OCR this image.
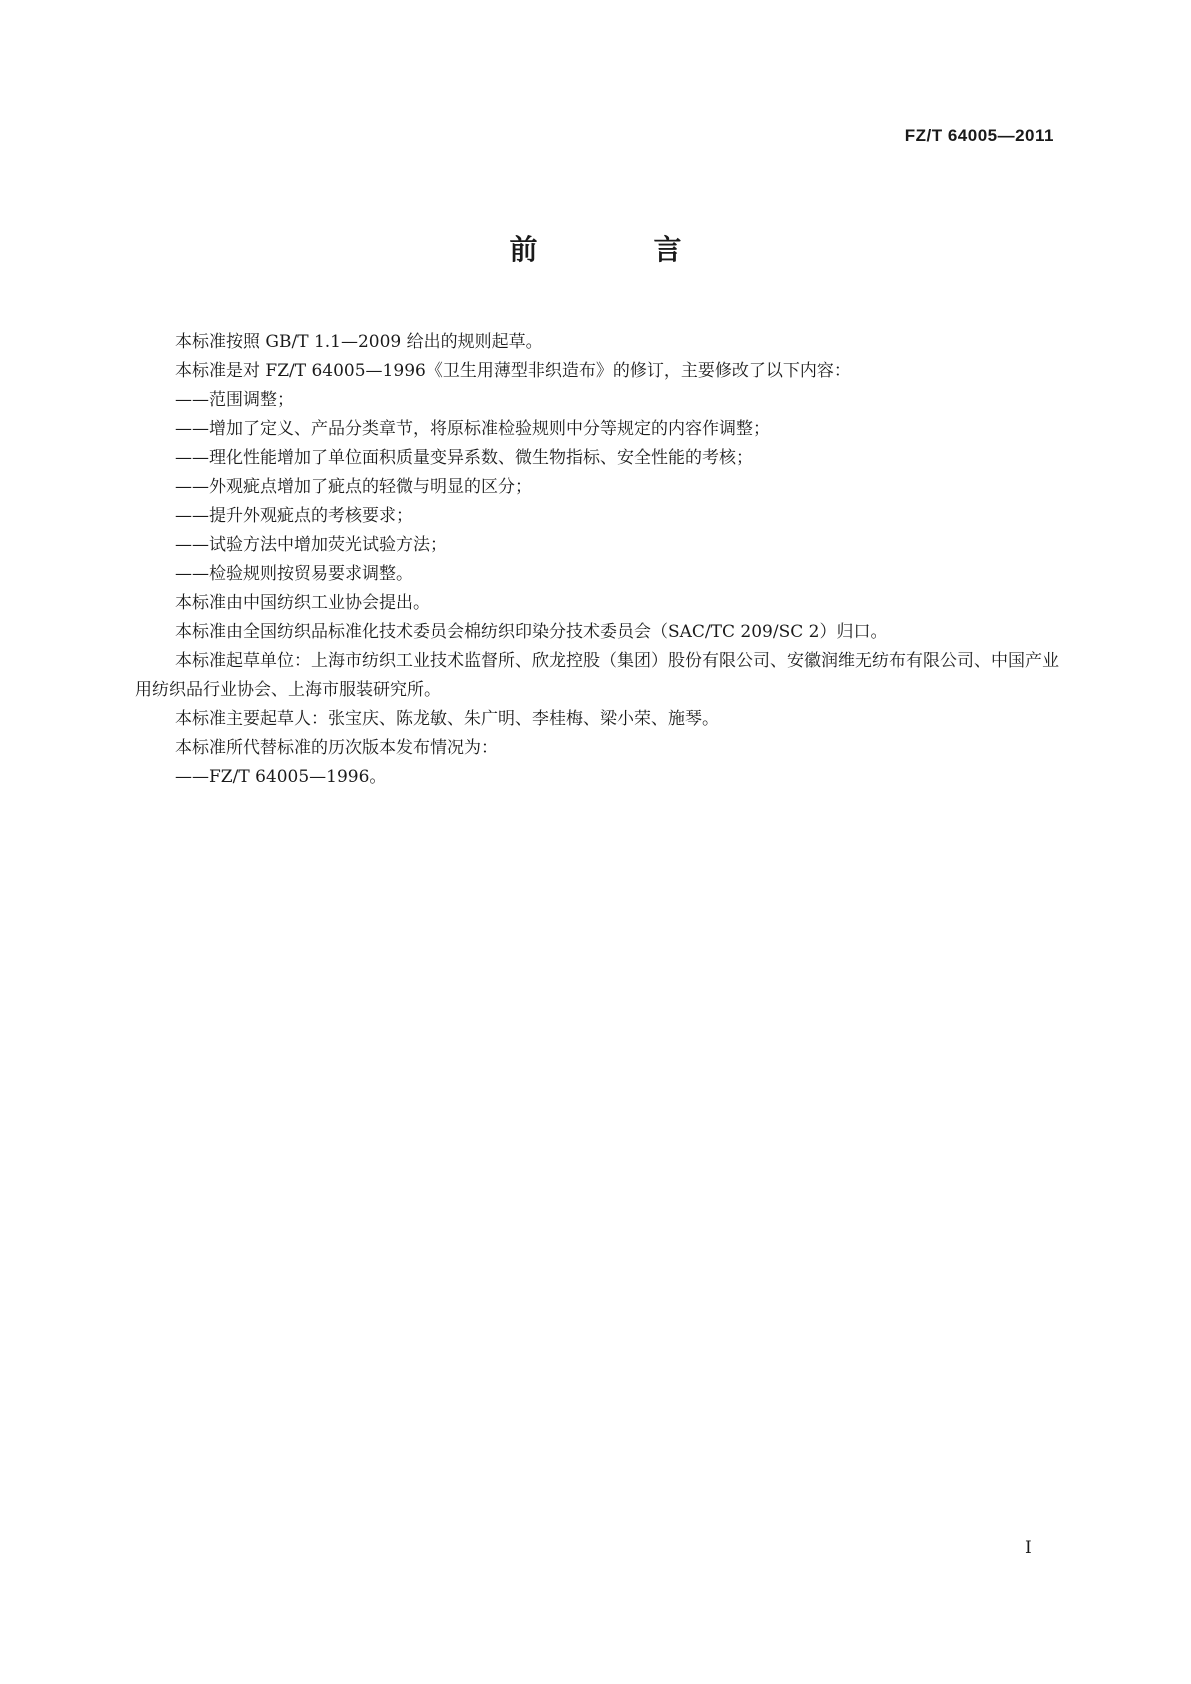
FZ/T 64005—2011
前　言

本标准按照 GB/T 1.1—2009 给出的规则起草。

本标准是对 FZ/T 64005—1996《卫生用薄型非织造布》的修订，主要修改了以下内容：

——范围调整；

——增加了定义、产品分类章节，将原标准检验规则中分等规定的内容作调整；

——理化性能增加了单位面积质量变异系数、微生物指标、安全性能的考核；

——外观疵点增加了疵点的轻微与明显的区分；

——提升外观疵点的考核要求；

——试验方法中增加荧光试验方法；

——检验规则按贸易要求调整。

本标准由中国纺织工业协会提出。

本标准由全国纺织品标准化技术委员会棉纺织印染分技术委员会（SAC/TC 209/SC 2）归口。

本标准起草单位：上海市纺织工业技术监督所、欣龙控股（集团）股份有限公司、安徽润维无纺布有限公司、中国产业用纺织品行业协会、上海市服装研究所。

本标准主要起草人：张宝庆、陈龙敏、朱广明、李桂梅、梁小荣、施琴。

本标准所代替标准的历次版本发布情况为：

——FZ/T 64005—1996。

I
